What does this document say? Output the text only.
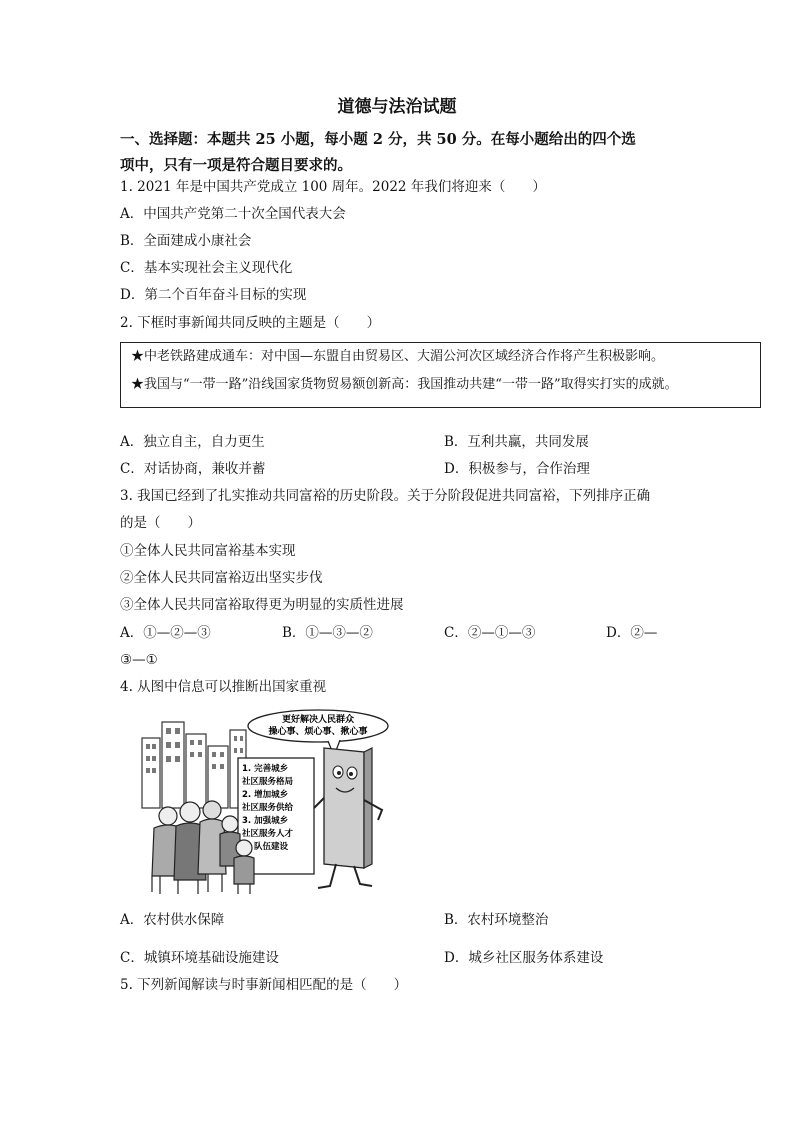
道德与法治试题
一、选择题：本题共 25 小题，每小题 2 分，共 50 分。在每小题给出的四个选
项中，只有一项是符合题目要求的。
1. 2021 年是中国共产党成立 100 周年。2022 年我们将迎来（　　）
A．中国共产党第二十次全国代表大会
B．全面建成小康社会
C．基本实现社会主义现代化
D．第二个百年奋斗目标的实现
2. 下框时事新闻共同反映的主题是（　　）
★中老铁路建成通车：对中国—东盟自由贸易区、大湄公河次区域经济合作将产生积极影响。
★我国与“一带一路”沿线国家货物贸易额创新高：我国推动共建“一带一路”取得实打实的成就。
A．独立自主，自力更生	B．互利共赢，共同发展
C．对话协商，兼收并蓄	D．积极参与，合作治理
3. 我国已经到了扎实推动共同富裕的历史阶段。关于分阶段促进共同富裕，下列排序正确
的是（　　）
①全体人民共同富裕基本实现
②全体人民共同富裕迈出坚实步伐
③全体人民共同富裕取得更为明显的实质性进展
A．①—②—③	B．①—③—②	C．②—①—③	D．②—
③—①
4. 从图中信息可以推断出国家重视
更好解决人民群众
操心事、烦心事、揪心事
1. 完善城乡
社区服务格局
2. 增加城乡
社区服务供给
3. 加强城乡
社区服务人才
队伍建设
A．农村供水保障	B．农村环境整治
C．城镇环境基础设施建设	D．城乡社区服务体系建设
5. 下列新闻解读与时事新闻相匹配的是（　　）
